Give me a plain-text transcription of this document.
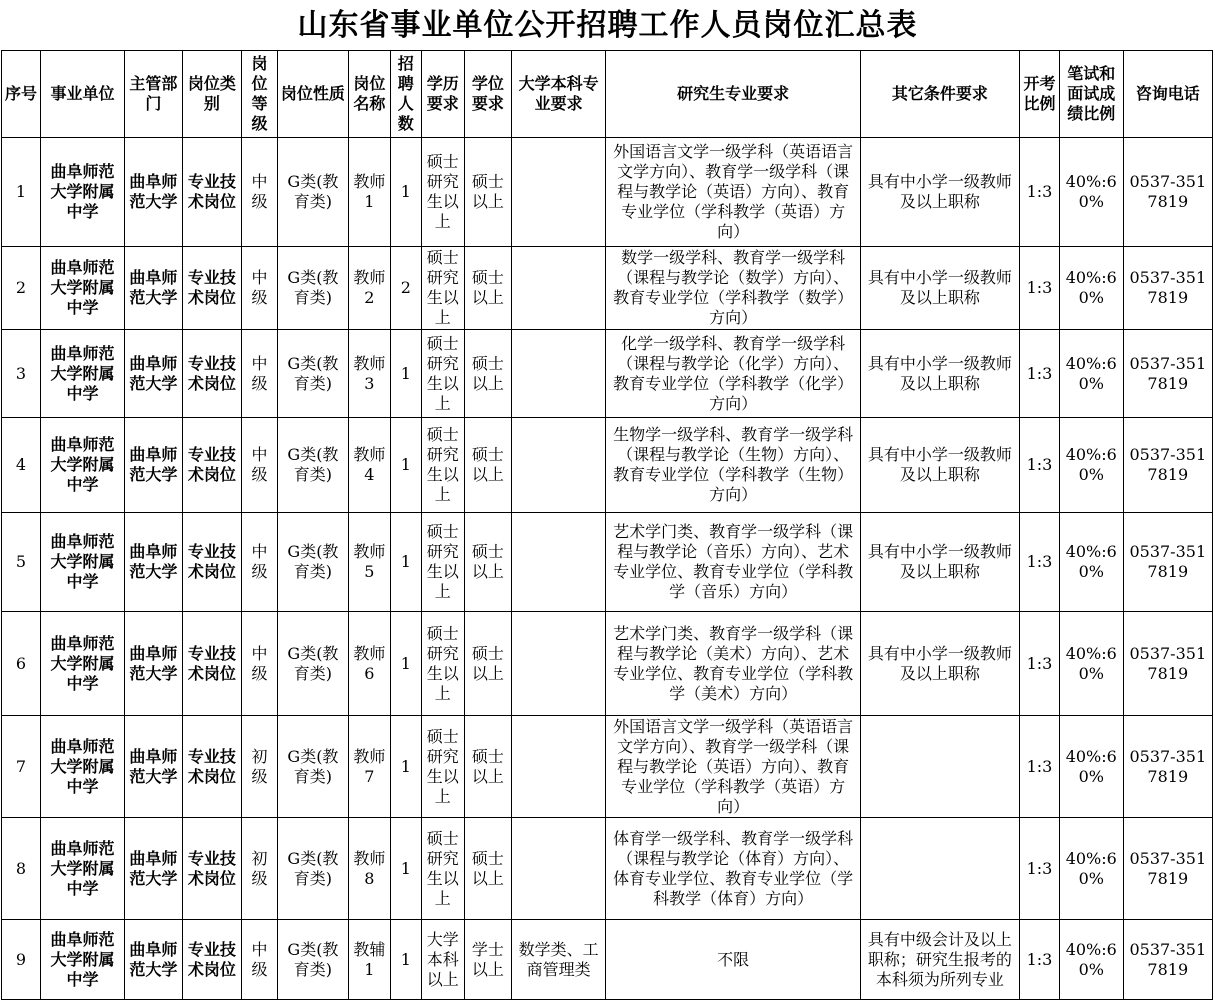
山东省事业单位公开招聘工作人员岗位汇总表
序号	事业单位	主管部门	岗位类别	岗位等级	岗位性质	岗位名称	招聘人数	学历要求	学位要求	大学本科专业要求	研究生专业要求	其它条件要求	开考比例	笔试和面试成绩比例	咨询电话
1	曲阜师范大学附属中学	曲阜师范大学	专业技术岗位	中级	G类(教育类)	教师1	1	硕士研究生以上	硕士以上		外国语言文学一级学科（英语语言文学方向）、教育学一级学科（课程与教学论（英语）方向）、教育专业学位（学科教学（英语）方向）	具有中小学一级教师及以上职称	1:3	40%:60%	0537-3517819
2	曲阜师范大学附属中学	曲阜师范大学	专业技术岗位	中级	G类(教育类)	教师2	2	硕士研究生以上	硕士以上		数学一级学科、教育学一级学科（课程与教学论（数学）方向）、教育专业学位（学科教学（数学）方向）	具有中小学一级教师及以上职称	1:3	40%:60%	0537-3517819
3	曲阜师范大学附属中学	曲阜师范大学	专业技术岗位	中级	G类(教育类)	教师3	1	硕士研究生以上	硕士以上		化学一级学科、教育学一级学科（课程与教学论（化学）方向）、教育专业学位（学科教学（化学）方向）	具有中小学一级教师及以上职称	1:3	40%:60%	0537-3517819
4	曲阜师范大学附属中学	曲阜师范大学	专业技术岗位	中级	G类(教育类)	教师4	1	硕士研究生以上	硕士以上		生物学一级学科、教育学一级学科（课程与教学论（生物）方向）、教育专业学位（学科教学（生物）方向）	具有中小学一级教师及以上职称	1:3	40%:60%	0537-3517819
5	曲阜师范大学附属中学	曲阜师范大学	专业技术岗位	中级	G类(教育类)	教师5	1	硕士研究生以上	硕士以上		艺术学门类、教育学一级学科（课程与教学论（音乐）方向）、艺术专业学位、教育专业学位（学科教学（音乐）方向）	具有中小学一级教师及以上职称	1:3	40%:60%	0537-3517819
6	曲阜师范大学附属中学	曲阜师范大学	专业技术岗位	中级	G类(教育类)	教师6	1	硕士研究生以上	硕士以上		艺术学门类、教育学一级学科（课程与教学论（美术）方向）、艺术专业学位、教育专业学位（学科教学（美术）方向）	具有中小学一级教师及以上职称	1:3	40%:60%	0537-3517819
7	曲阜师范大学附属中学	曲阜师范大学	专业技术岗位	初级	G类(教育类)	教师7	1	硕士研究生以上	硕士以上		外国语言文学一级学科（英语语言文学方向）、教育学一级学科（课程与教学论（英语）方向）、教育专业学位（学科教学（英语）方向）		1:3	40%:60%	0537-3517819
8	曲阜师范大学附属中学	曲阜师范大学	专业技术岗位	初级	G类(教育类)	教师8	1	硕士研究生以上	硕士以上		体育学一级学科、教育学一级学科（课程与教学论（体育）方向）、体育专业学位、教育专业学位（学科教学（体育）方向）		1:3	40%:60%	0537-3517819
9	曲阜师范大学附属中学	曲阜师范大学	专业技术岗位	中级	G类(教育类)	教辅1	1	大学本科以上	学士以上	数学类、工商管理类	不限	具有中级会计及以上职称；研究生报考的本科须为所列专业	1:3	40%:60%	0537-3517819
